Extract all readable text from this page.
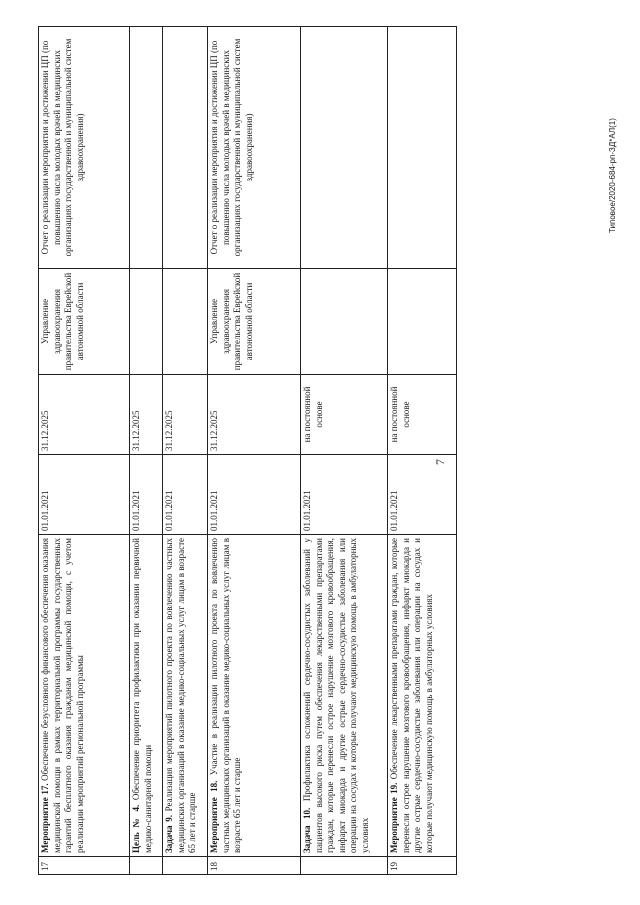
7
17	Мероприятие 17. Обеспечение безусловного финансового обеспечения оказания медицинской помощи в рамках территориальной программы государственных гарантий бесплатного оказания гражданам медицинской помощи, с учетом реализации мероприятий региональной программы	01.01.2021	31.12.2025	Управление здравоохранения правительства Еврейской автономной области	Отчет о реализации мероприятия и достижении ЦП (по повышению числа молодых врачей в медицинских организациях государственной и муниципальной систем здравоохранения)
	Цель № 4. Обеспечение приоритета профилактики при оказании первичной медико-санитарной помощи	01.01.2021	31.12.2025		
	Задача 9. Реализация мероприятий пилотного проекта по вовлечению частных медицинских организаций в оказание медико-социальных услуг лицам в возрасте 65 лет и старше	01.01.2021	31.12.2025		
18	Мероприятие 18. Участие в реализации пилотного проекта по вовлечению частных медицинских организаций в оказание медико-социальных услуг лицам в возрасте 65 лет и старше	01.01.2021	31.12.2025	Управление здравоохранения правительства Еврейской автономной области	Отчет о реализации мероприятия и достижении ЦП (по повышению числа молодых врачей в медицинских организациях государственной и муниципальной систем здравоохранения)
	Задача 10. Профилактика осложнений сердечно-сосудистых заболеваний у пациентов высокого риска путем обеспечения лекарственными препаратами граждан, которые перенесли острое нарушение мозгового кровообращения, инфаркт миокарда и другие острые сердечно-сосудистые заболевания или операции на сосудах и которые получают медицинскую помощь в амбулаторных условиях	01.01.2021	на постоянной основе		
19	Мероприятие 19. Обеспечение лекарственными препаратами граждан, которые перенесли острое нарушение мозгового кровообращения, инфаркт миокарда и другие острые сердечно-сосудистые заболевания или операции на сосудах и которые получают медицинскую помощь в амбулаторных условиях	01.01.2021	на постоянной основе		
Типовое/2020-684-рп-ЗД*АЛ(1)
